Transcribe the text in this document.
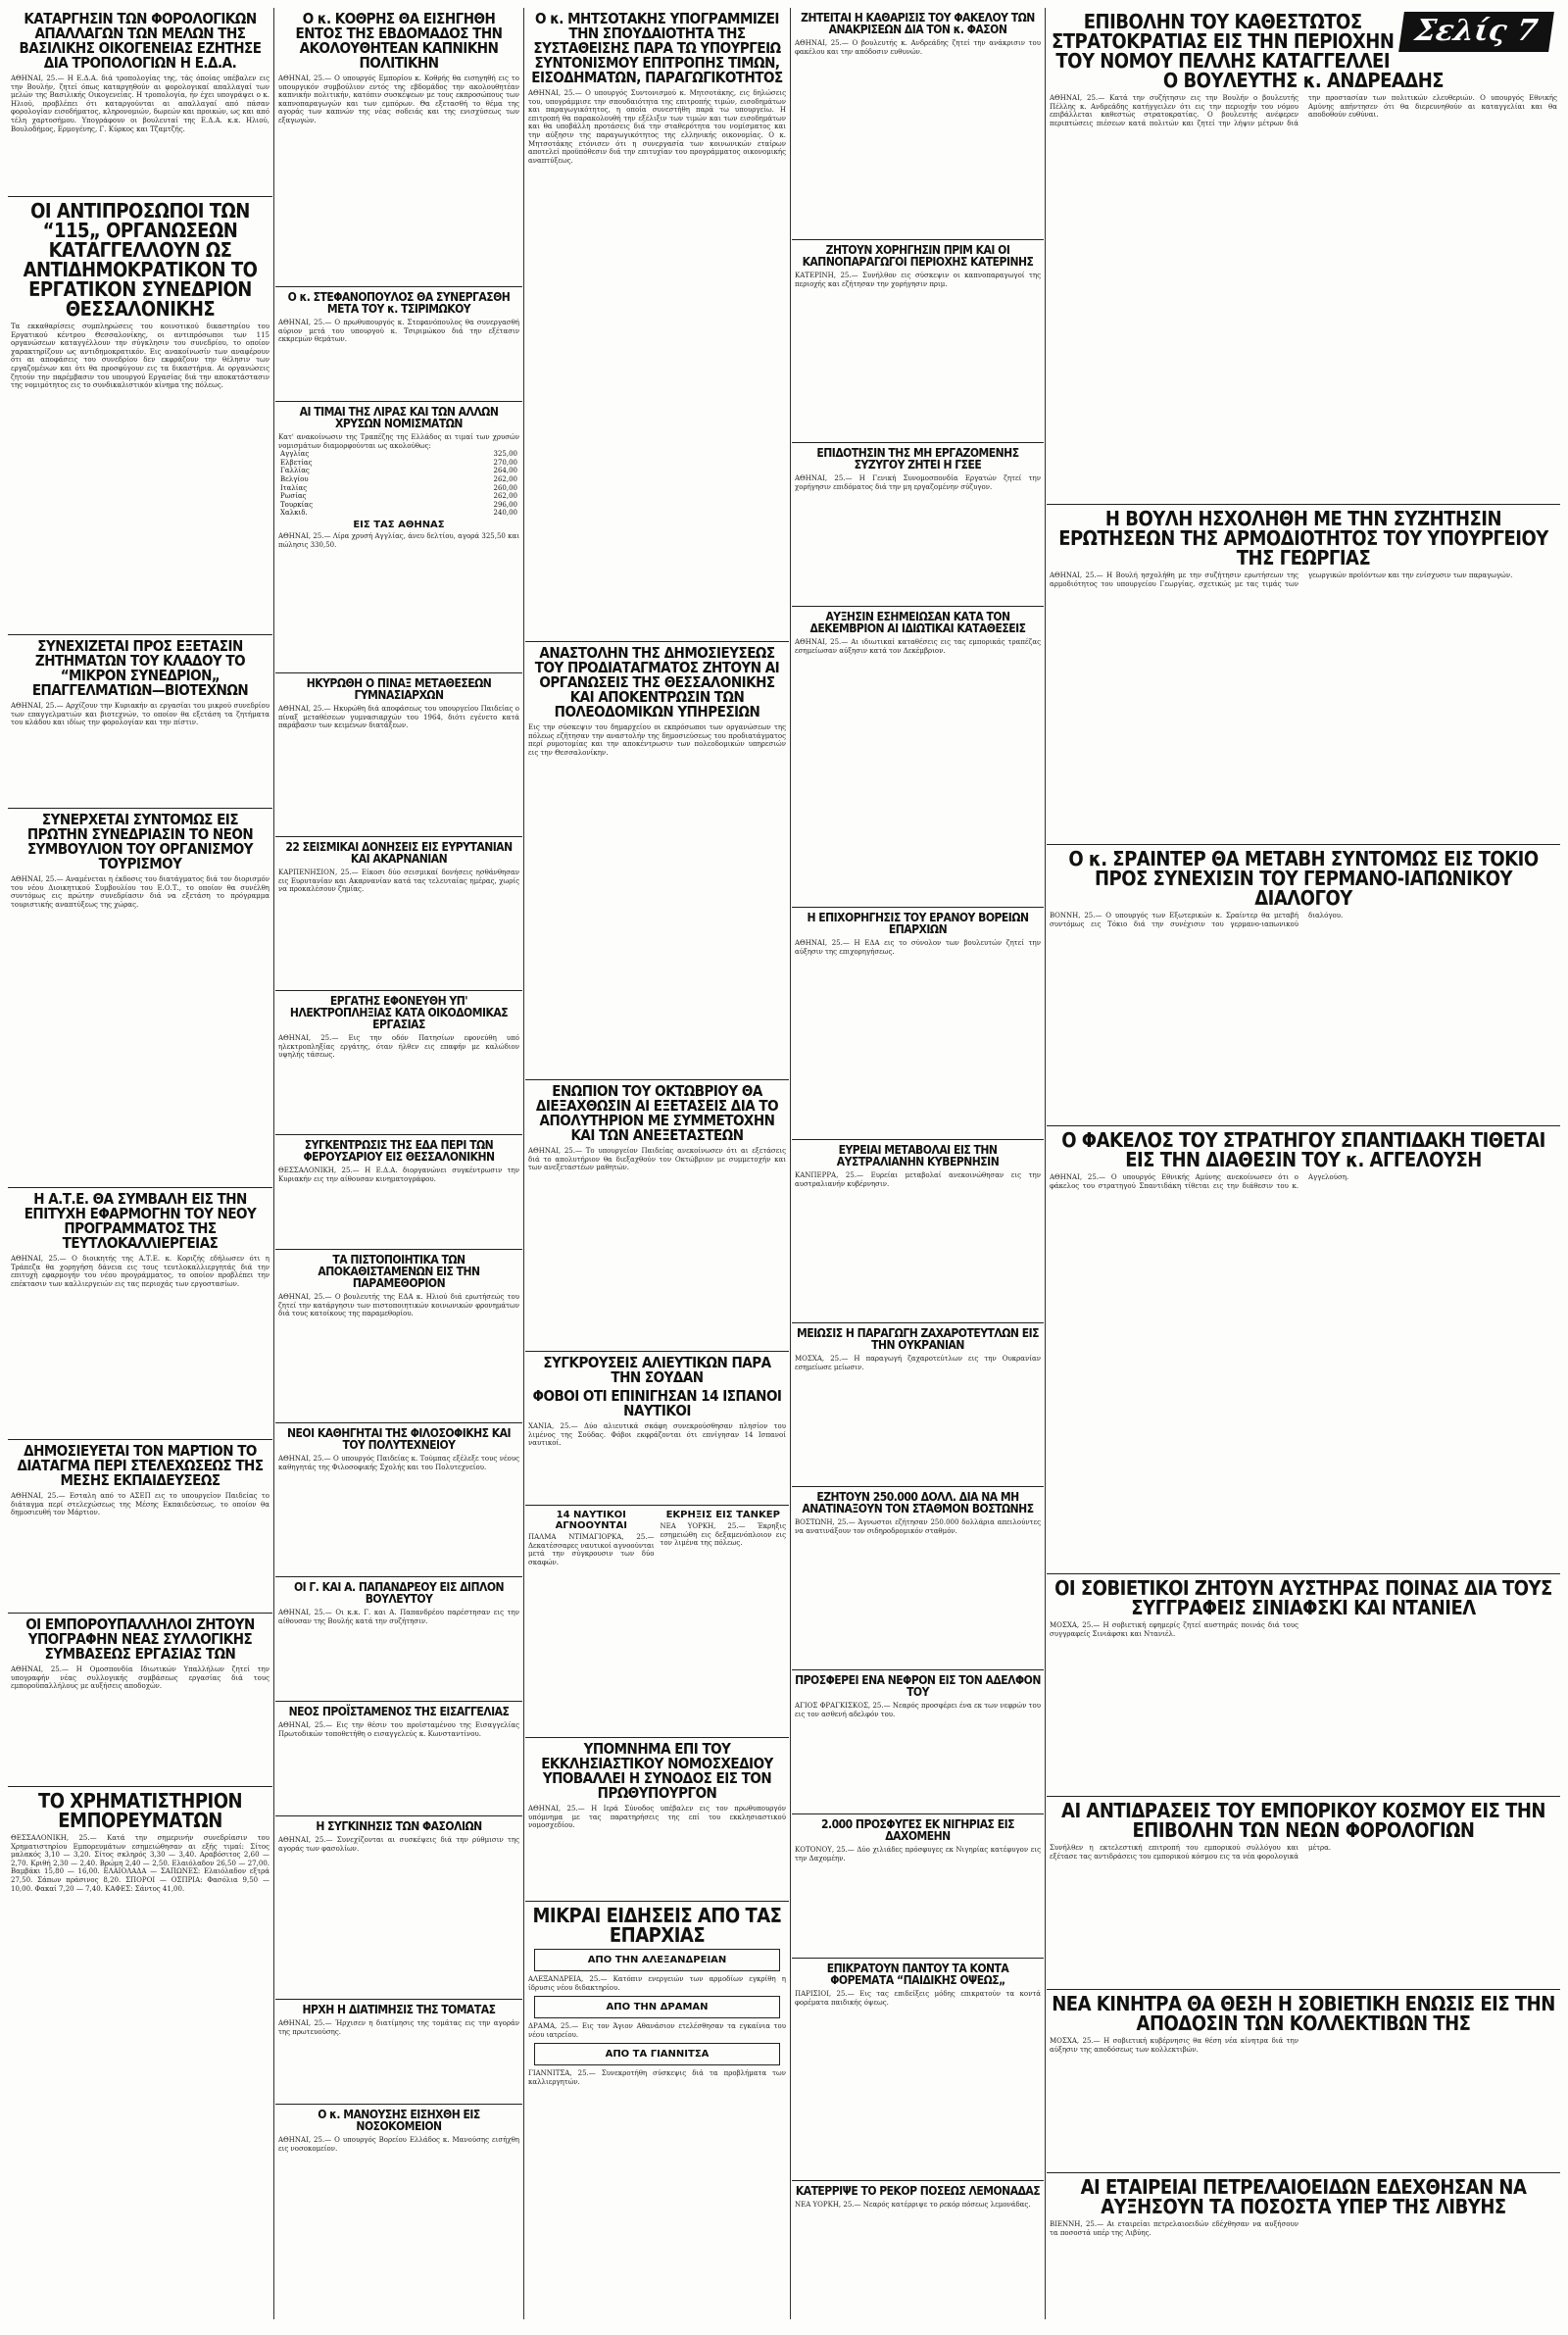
ΚΑΤΑΡΓΗΣΙΝ ΤΩΝ ΦΟΡΟΛΟΓΙΚΩΝ ΑΠΑΛΛΑΓΩΝ ΤΩΝ ΜΕΛΩΝ ΤΗΣ ΒΑΣΙΛΙΚΗΣ ΟΙΚΟΓΕΝΕΙΑΣ ΕΖΗΤΗΣΕ ΔΙΑ ΤΡΟΠΟΛΟΓΙΩΝ Η Ε.Δ.Α.
ΑΘΗΝΑΙ, 25.— Η Ε.Δ.Α. διά τροπολογίας της, τάς όποίας υπέβαλεν εις την Βουλήν, ζητεί όπως καταργηθούν αι φορολογικαί απαλλαγαί των μελών της Βασιλικής Οικογενείας. Η τροπολογία, ήν έχει υπογράψει ο κ. Ηλιού, προβλέπει ότι καταργούνται αι απαλλαγαί από πάσαν φορολογίαν εισοδήματος, κληρονομιών, δωρεών και προικών, ως και από τέλη χαρτοσήμου. Υπογράφουν οι βουλευταί της Ε.Δ.Α. κ.κ. Ηλιού, Βουλοδήμος, Ερμογένης, Γ. Κύρκος και Τζαμτζής.
ΟΙ ΑΝΤΙΠΡΟΣΩΠΟΙ ΤΩΝ “115„ ΟΡΓΑΝΩΣΕΩΝ ΚΑΤΑΓΓΕΛΛΟΥΝ ΩΣ ΑΝΤΙΔΗΜΟΚΡΑΤΙΚΟΝ ΤΟ ΕΡΓΑΤΙΚΟΝ ΣΥΝΕΔΡΙΟΝ ΘΕΣΣΑΛΟΝΙΚΗΣ
Τα εκκαθαρίσεις συμπληρώσεις του κοινοτικού δικαστηρίου του Εργατικού κέντρου Θεσσαλονίκης, οι αντιπρόσωποι των 115 οργανώσεων καταγγέλλουν την σύγκλησιν του συνεδρίου, το οποίον χαρακτηρίζουν ως αντιδημοκρατικόν. Εις ανακοίνωσίν των αναφέρουν ότι αι αποφάσεις του συνεδρίου δεν εκφράζουν την θέλησιν των εργαζομένων και ότι θα προσφύγουν εις τα δικαστήρια. Αι οργανώσεις ζητούν την παρέμβασιν του υπουργού Εργασίας διά την αποκατάστασιν της νομιμότητος εις το συνδικαλιστικόν κίνημα της πόλεως.
ΣΥΝΕΧΙΖΕΤΑΙ ΠΡΟΣ ΕΞΕΤΑΣΙΝ ΖΗΤΗΜΑΤΩΝ ΤΟΥ ΚΛΑΔΟΥ ΤΟ “ΜΙΚΡΟΝ ΣΥΝΕΔΡΙΟΝ„ ΕΠΑΓΓΕΛΜΑΤΙΩΝ—ΒΙΟΤΕΧΝΩΝ
ΑΘΗΝΑΙ, 25.— Αρχίζουν την Κυριακήν αι εργασίαι του μικρού συνεδρίου των επαγγελματιών και βιοτεχνών, το οποίον θα εξετάση τα ζητήματα του κλάδου και ιδίως την φορολογίαν και την πίστιν.
ΣΥΝΕΡΧΕΤΑΙ ΣΥΝΤΟΜΩΣ ΕΙΣ ΠΡΩΤΗΝ ΣΥΝΕΔΡΙΑΣΙΝ ΤΟ ΝΕΟΝ ΣΥΜΒΟΥΛΙΟΝ ΤΟΥ ΟΡΓΑΝΙΣΜΟΥ ΤΟΥΡΙΣΜΟΥ
ΑΘΗΝΑΙ, 25.— Αναμένεται η έκδοσις του διατάγματος διά τον διορισμόν του νέου Διοικητικού Συμβουλίου του Ε.Ο.Τ., το οποίον θα συνέλθη συντόμως εις πρώτην συνεδρίασιν διά να εξετάση το πρόγραμμα τουριστικής αναπτύξεως της χώρας.
Η Α.Τ.Ε. ΘΑ ΣΥΜΒΑΛΗ ΕΙΣ ΤΗΝ ΕΠΙΤΥΧΗ ΕΦΑΡΜΟΓΗΝ ΤΟΥ ΝΕΟΥ ΠΡΟΓΡΑΜΜΑΤΟΣ ΤΗΣ ΤΕΥΤΛΟΚΑΛΛΙΕΡΓΕΙΑΣ
ΑΘΗΝΑΙ, 25.— Ο διοικητής της Α.Τ.Ε. κ. Κοριζής εδήλωσεν ότι η Τράπεζα θα χορηγήση δάνεια εις τους τευτλοκαλλιεργητάς διά την επιτυχή εφαρμογήν του νέου προγράμματος, το οποίον προβλέπει την επέκτασιν των καλλιεργειών εις τας περιοχάς των εργοστασίων.
ΔΗΜΟΣΙΕΥΕΤΑΙ ΤΟΝ ΜΑΡΤΙΟΝ ΤΟ ΔΙΑΤΑΓΜΑ ΠΕΡΙ ΣΤΕΛΕΧΩΣΕΩΣ ΤΗΣ ΜΕΣΗΣ ΕΚΠΑΙΔΕΥΣΕΩΣ
ΑΘΗΝΑΙ, 25.— Εσταλη από το ΑΣΕΠ εις το υπουργείον Παιδείας το διάταγμα περί στελεχώσεως της Μέσης Εκπαιδεύσεως, το οποίον θα δημοσιευθή τον Μάρτιον.
ΟΙ ΕΜΠΟΡΟΥΠΑΛΛΗΛΟΙ ΖΗΤΟΥΝ ΥΠΟΓΡΑΦΗΝ ΝΕΑΣ ΣΥΛΛΟΓΙΚΗΣ ΣΥΜΒΑΣΕΩΣ ΕΡΓΑΣΙΑΣ ΤΩΝ
ΑΘΗΝΑΙ, 25.— Η Ομοσπονδία Ιδιωτικών Υπαλλήλων ζητεί την υπογραφήν νέας συλλογικής συμβάσεως εργασίας διά τους εμποροϋπαλλήλους με αυξήσεις αποδοχών.
ΤΟ ΧΡΗΜΑΤΙΣΤΗΡΙΟΝ ΕΜΠΟΡΕΥΜΑΤΩΝ
ΘΕΣΣΑΛΟΝΙΚΗ, 25.— Κατά την σημερινήν συνεδρίασιν του Χρηματιστηρίου Εμπορευμάτων εσημειώθησαν αι εξής τιμαί: Σίτος μαλακός 3,10 — 3,20. Σίτος σκληρός 3,30 — 3,40. Αραβόσιτος 2,60 — 2,70. Κριθή 2,30 — 2,40. Βρώμη 2,40 — 2,50. Ελαιόλαδον 26,50 — 27,00. Βαμβάκι 15,80 — 16,00. ΕΛΑΙΟΛΑΔΑ — ΣΑΠΩΝΕΣ: Ελαιόλαδον εξτρά 27,50. Σάπων πράσινος 8,20. ΣΠΟΡΟΙ — ΟΣΠΡΙΑ: Φασόλια 9,50 — 10,00. Φακαί 7,20 — 7,40. ΚΑΦΕΣ: Σάντος 41,00.
Ο κ. ΚΟΘΡΗΣ ΘΑ ΕΙΣΗΓΗΘΗ ΕΝΤΟΣ ΤΗΣ ΕΒΔΟΜΑΔΟΣ ΤΗΝ ΑΚΟΛΟΥΘΗΤΕΑΝ ΚΑΠΝΙΚΗΝ ΠΟΛΙΤΙΚΗΝ
ΑΘΗΝΑΙ, 25.— Ο υπουργός Εμπορίου κ. Κοθρής θα εισηγηθή εις το υπουργικόν συμβούλιον εντός της εβδομάδος την ακολουθητέαν καπνικήν πολιτικήν, κατόπιν συσκέψεων με τους εκπροσώπους των καπνοπαραγωγών και των εμπόρων. Θα εξετασθή το θέμα της αγοράς των καπνών της νέας σοδειάς και της ενισχύσεως των εξαγωγών.
Ο κ. ΣΤΕΦΑΝΟΠΟΥΛΟΣ ΘΑ ΣΥΝΕΡΓΑΣΘΗ ΜΕΤΑ ΤΟΥ κ. ΤΣΙΡΙΜΩΚΟΥ
ΑΘΗΝΑΙ, 25.— Ο πρωθυπουργός κ. Στεφανόπουλος θα συνεργασθή αύριον μετά του υπουργού κ. Τσιριμώκου διά την εξέτασιν εκκρεμών θεμάτων.
ΑΙ ΤΙΜΑΙ ΤΗΣ ΛΙΡΑΣ ΚΑΙ ΤΩΝ ΑΛΛΩΝ ΧΡΥΣΩΝ ΝΟΜΙΣΜΑΤΩΝ
Κατ' ανακοίνωσιν της Τραπέζης της Ελλάδος αι τιμαί των χρυσών νομισμάτων διαμορφούνται ως ακολούθως:
Αγγλίας	325,00
Ελβετίας	270,00
Γαλλίας	264,00
Βελγίου	262,00
Ιταλίας	260,00
Ρωσίας	262,00
Τουρκίας	296,00
Χαλκιδ.	240,00
ΕΙΣ ΤΑΣ ΑΘΗΝΑΣ
ΑΘΗΝΑΙ, 25.— Λίρα χρυσή Αγγλίας, άνευ δελτίου, αγορά 325,50 και πώλησις 330,50.
ΗΚΥΡΩΘΗ Ο ΠΙΝΑΞ ΜΕΤΑΘΕΣΕΩΝ ΓΥΜΝΑΣΙΑΡΧΩΝ
ΑΘΗΝΑΙ, 25.— Ηκυρώθη διά αποφάσεως του υπουργείου Παιδείας ο πίναξ μεταθέσεων γυμνασιαρχών του 1964, διότι εγένετο κατά παράβασιν των κειμένων διατάξεων.
22 ΣΕΙΣΜΙΚΑΙ ΔΟΝΗΣΕΙΣ ΕΙΣ ΕΥΡΥΤΑΝΙΑΝ ΚΑΙ ΑΚΑΡΝΑΝΙΑΝ
ΚΑΡΠΕΝΗΣΙΟΝ, 25.— Είκοσι δύο σεισμικαί δονήσεις ησθάνθησαν εις Ευρυτανίαν και Ακαρνανίαν κατά τας τελευταίας ημέρας, χωρίς να προκαλέσουν ζημίας.
ΕΡΓΑΤΗΣ ΕΦΟΝΕΥΘΗ ΥΠ' ΗΛΕΚΤΡΟΠΛΗΞΙΑΣ ΚΑΤΑ ΟΙΚΟΔΟΜΙΚΑΣ ΕΡΓΑΣΙΑΣ
ΑΘΗΝΑΙ, 25.— Εις την οδόν Πατησίων εφονεύθη υπό ηλεκτροπληξίας εργάτης, όταν ήλθεν εις επαφήν με καλώδιον υψηλής τάσεως.
ΣΥΓΚΕΝΤΡΩΣΙΣ ΤΗΣ ΕΔΑ ΠΕΡΙ ΤΩΝ ΦΕΡΟΥΣΑΡΙΟΥ ΕΙΣ ΘΕΣΣΑΛΟΝΙΚΗΝ
ΘΕΣΣΑΛΟΝΙΚΗ, 25.— Η Ε.Δ.Α. διοργανώνει συγκέντρωσιν την Κυριακήν εις την αίθουσαν κινηματογράφου.
ΤΑ ΠΙΣΤΟΠΟΙΗΤΙΚΑ ΤΩΝ ΑΠΟΚΑΘΙΣΤΑΜΕΝΩΝ ΕΙΣ ΤΗΝ ΠΑΡΑΜΕΘΟΡΙΟΝ
ΑΘΗΝΑΙ, 25.— Ο βουλευτής της ΕΔΑ κ. Ηλιού διά ερωτήσεώς του ζητεί την κατάργησιν των πιστοποιητικών κοινωνικών φρονημάτων διά τους κατοίκους της παραμεθορίου.
ΝΕΟΙ ΚΑΘΗΓΗΤΑΙ ΤΗΣ ΦΙΛΟΣΟΦΙΚΗΣ ΚΑΙ ΤΟΥ ΠΟΛΥΤΕΧΝΕΙΟΥ
ΑΘΗΝΑΙ, 25.— Ο υπουργός Παιδείας κ. Τούμπας εξέλεξε τους νέους καθηγητάς της Φιλοσοφικής Σχολής και του Πολυτεχνείου.
ΟΙ Γ. ΚΑΙ Α. ΠΑΠΑΝΔΡΕΟΥ ΕΙΣ ΔΙΠΛΟΝ ΒΟΥΛΕΥΤΟΥ
ΑΘΗΝΑΙ, 25.— Οι κ.κ. Γ. και Α. Παπανδρέου παρέστησαν εις την αίθουσαν της Βουλής κατά την συζήτησιν.
ΝΕΟΣ ΠΡΟΪΣΤΑΜΕΝΟΣ ΤΗΣ ΕΙΣΑΓΓΕΛΙΑΣ
ΑΘΗΝΑΙ, 25.— Εις την θέσιν του προϊσταμένου της Εισαγγελίας Πρωτοδικών τοποθετήθη ο εισαγγελεύς κ. Κωνσταντίνου.
Η ΣΥΓΚΙΝΗΣΙΣ ΤΩΝ ΦΑΣΟΛΙΩΝ
ΑΘΗΝΑΙ, 25.— Συνεχίζονται αι συσκέψεις διά την ρύθμισιν της αγοράς των φασολίων.
ΗΡΧΗ Η ΔΙΑΤΙΜΗΣΙΣ ΤΗΣ ΤΟΜΑΤΑΣ
ΑΘΗΝΑΙ, 25.— Ήρχισεν η διατίμησις της τομάτας εις την αγοράν της πρωτευούσης.
Ο κ. ΜΑΝΟΥΣΗΣ ΕΙΣΗΧΘΗ ΕΙΣ ΝΟΣΟΚΟΜΕΙΟΝ
ΑΘΗΝΑΙ, 25.— Ο υπουργός Βορείου Ελλάδος κ. Μανούσης εισήχθη εις νοσοκομείον.
Ο κ. ΜΗΤΣΟΤΑΚΗΣ ΥΠΟΓΡΑΜΜΙΖΕΙ ΤΗΝ ΣΠΟΥΔΑΙΟΤΗΤΑ ΤΗΣ ΣΥΣΤΑΘΕΙΣΗΣ ΠΑΡΑ ΤΩ ΥΠΟΥΡΓΕΙΩ ΣΥΝΤΟΝΙΣΜΟΥ ΕΠΙΤΡΟΠΗΣ ΤΙΜΩΝ, ΕΙΣΟΔΗΜΑΤΩΝ, ΠΑΡΑΓΩΓΙΚΟΤΗΤΟΣ
ΑΘΗΝΑΙ, 25.— Ο υπουργός Συντονισμού κ. Μητσοτάκης, εις δηλώσεις του, υπογράμμισε την σπουδαιότητα της επιτροπής τιμών, εισοδημάτων και παραγωγικότητος, η οποία συνεστήθη παρά τω υπουργείω. Η επιτροπή θα παρακολουθή την εξέλιξιν των τιμών και των εισοδημάτων και θα υποβάλλη προτάσεις διά την σταθερότητα του νομίσματος και την αύξησιν της παραγωγικότητος της ελληνικής οικονομίας. Ο κ. Μητσοτάκης ετόνισεν ότι η συνεργασία των κοινωνικών εταίρων αποτελεί προϋπόθεσιν διά την επιτυχίαν του προγράμματος οικονομικής αναπτύξεως.
ΑΝΑΣΤΟΛΗΝ ΤΗΣ ΔΗΜΟΣΙΕΥΣΕΩΣ ΤΟΥ ΠΡΟΔΙΑΤΑΓΜΑΤΟΣ ΖΗΤΟΥΝ ΑΙ ΟΡΓΑΝΩΣΕΙΣ ΤΗΣ ΘΕΣΣΑΛΟΝΙΚΗΣ ΚΑΙ ΑΠΟΚΕΝΤΡΩΣΙΝ ΤΩΝ ΠΟΛΕΟΔΟΜΙΚΩΝ ΥΠΗΡΕΣΙΩΝ
Εις την σύσκεψιν του δημαρχείου οι εκπρόσωποι των οργανώσεων της πόλεως εζήτησαν την αναστολήν της δημοσιεύσεως του προδιατάγματος περί ρυμοτομίας και την αποκέντρωσιν των πολεοδομικών υπηρεσιών εις την Θεσσαλονίκην.
ΕΝΩΠΙΟΝ ΤΟΥ ΟΚΤΩΒΡΙΟΥ ΘΑ ΔΙΕΞΑΧΘΩΣΙΝ ΑΙ ΕΞΕΤΑΣΕΙΣ ΔΙΑ ΤΟ ΑΠΟΛΥΤΗΡΙΟΝ ΜΕ ΣΥΜΜΕΤΟΧΗΝ ΚΑΙ ΤΩΝ ΑΝΕΞΕΤΑΣΤΕΩΝ
ΑΘΗΝΑΙ, 25.— Το υπουργείον Παιδείας ανεκοίνωσεν ότι αι εξετάσεις διά το απολυτήριον θα διεξαχθούν τον Οκτώβριον με συμμετοχήν και των ανεξεταστέων μαθητών.
ΣΥΓΚΡΟΥΣΕΙΣ ΑΛΙΕΥΤΙΚΩΝ ΠΑΡΑ ΤΗΝ ΣΟΥΔΑΝ
ΦΟΒΟΙ ΟΤΙ ΕΠΙΝΙΓΗΣΑΝ 14 ΙΣΠΑΝΟΙ ΝΑΥΤΙΚΟΙ
ΧΑΝΙΑ, 25.— Δύο αλιευτικά σκάφη συνεκρούσθησαν πλησίον του λιμένος της Σούδας. Φόβοι εκφράζονται ότι επνίγησαν 14 Ισπανοί ναυτικοί.
14 ΝΑΥΤΙΚΟΙ ΑΓΝΟΟΥΝΤΑΙ
ΠΑΛΜΑ ΝΤΙΜΑΓΙΟΡΚΑ, 25.— Δεκατέσσαρες ναυτικοί αγνοούνται μετά την σύγκρουσιν των δύο σκαφών.
ΕΚΡΗΞΙΣ ΕΙΣ ΤΑΝΚΕΡ
ΝΕΑ ΥΟΡΚΗ, 25.— Έκρηξις εσημειώθη εις δεξαμενόπλοιον εις τον λιμένα της πόλεως.
ΥΠΟΜΝΗΜΑ ΕΠΙ ΤΟΥ ΕΚΚΛΗΣΙΑΣΤΙΚΟΥ ΝΟΜΟΣΧΕΔΙΟΥ ΥΠΟΒΑΛΛΕΙ Η ΣΥΝΟΔΟΣ ΕΙΣ ΤΟΝ ΠΡΩΘΥΠΟΥΡΓΟΝ
ΑΘΗΝΑΙ, 25.— Η Ιερά Σύνοδος υπέβαλεν εις τον πρωθυπουργόν υπόμνημα με τας παρατηρήσεις της επί του εκκλησιαστικού νομοσχεδίου.
ΜΙΚΡΑΙ ΕΙΔΗΣΕΙΣ ΑΠΟ ΤΑΣ ΕΠΑΡΧΙΑΣ
ΑΠΟ ΤΗΝ ΑΛΕΞΑΝΔΡΕΙΑΝ
ΑΛΕΞΑΝΔΡΕΙΑ, 25.— Κατόπιν ενεργειών των αρμοδίων εγκρίθη η ίδρυσις νέου διδακτηρίου.
ΑΠΟ ΤΗΝ ΔΡΑΜΑΝ
ΔΡΑΜΑ, 25.— Εις τον Άγιον Αθανάσιον ετελέσθησαν τα εγκαίνια του νέου ιατρείου.
ΑΠΟ ΤΑ ΓΙΑΝΝΙΤΣΑ
ΓΙΑΝΝΙΤΣΑ, 25.— Συνεκροτήθη σύσκεψις διά τα προβλήματα των καλλιεργητών.
ΖΗΤΕΙΤΑΙ Η ΚΑΘΑΡΙΣΙΣ ΤΟΥ ΦΑΚΕΛΟΥ ΤΩΝ ΑΝΑΚΡΙΣΕΩΝ ΔΙΑ ΤΟΝ κ. ΦΑΣΟΝ
ΑΘΗΝΑΙ, 25.— Ο βουλευτής κ. Ανδρεάδης ζητεί την ανάκρισιν του φακέλου και την απόδοσιν ευθυνών.
ΖΗΤΟΥΝ ΧΟΡΗΓΗΣΙΝ ΠΡΙΜ ΚΑΙ ΟΙ ΚΑΠΝΟΠΑΡΑΓΩΓΟΙ ΠΕΡΙΟΧΗΣ ΚΑΤΕΡΙΝΗΣ
ΚΑΤΕΡΙΝΗ, 25.— Συνήλθον εις σύσκεψιν οι καπνοπαραγωγοί της περιοχής και εζήτησαν την χορήγησιν πριμ.
ΕΠΙΔΟΤΗΣΙΝ ΤΗΣ ΜΗ ΕΡΓΑΖΟΜΕΝΗΣ ΣΥΖΥΓΟΥ ΖΗΤΕΙ Η ΓΣΕΕ
ΑΘΗΝΑΙ, 25.— Η Γενική Συνομοσπονδία Εργατών ζητεί την χορήγησιν επιδόματος διά την μη εργαζομένην σύζυγον.
ΑΥΞΗΣΙΝ ΕΣΗΜΕΙΩΣΑΝ ΚΑΤΑ ΤΟΝ ΔΕΚΕΜΒΡΙΟΝ ΑΙ ΙΔΙΩΤΙΚΑΙ ΚΑΤΑΘΕΣΕΙΣ
ΑΘΗΝΑΙ, 25.— Αι ιδιωτικαί καταθέσεις εις τας εμπορικάς τραπέζας εσημείωσαν αύξησιν κατά τον Δεκέμβριον.
Η ΕΠΙΧΟΡΗΓΗΣΙΣ ΤΟΥ ΕΡΑΝΟΥ ΒΟΡΕΙΩΝ ΕΠΑΡΧΙΩΝ
ΑΘΗΝΑΙ, 25.— Η ΕΔΑ εις το σύνολον των βουλευτών ζητεί την αύξησιν της επιχορηγήσεως.
ΕΥΡΕΙΑΙ ΜΕΤΑΒΟΛΑΙ ΕΙΣ ΤΗΝ ΑΥΣΤΡΑΛΙΑΝΗΝ ΚΥΒΕΡΝΗΣΙΝ
ΚΑΝΠΕΡΡΑ, 25.— Ευρείαι μεταβολαί ανεκοινώθησαν εις την αυστραλιανήν κυβέρνησιν.
ΜΕΙΩΣΙΣ Η ΠΑΡΑΓΩΓΗ ΖΑΧΑΡΟΤΕΥΤΛΩΝ ΕΙΣ ΤΗΝ ΟΥΚΡΑΝΙΑΝ
ΜΟΣΧΑ, 25.— Η παραγωγή ζαχαροτεύτλων εις την Ουκρανίαν εσημείωσε μείωσιν.
ΕΖΗΤΟΥΝ 250.000 ΔΟΛΛ. ΔΙΑ ΝΑ ΜΗ ΑΝΑΤΙΝΑΞΟΥΝ ΤΟΝ ΣΤΑΘΜΟΝ ΒΟΣΤΩΝΗΣ
ΒΟΣΤΩΝΗ, 25.— Άγνωστοι εζήτησαν 250.000 δολλάρια απειλούντες να ανατινάξουν τον σιδηροδρομικόν σταθμόν.
ΠΡΟΣΦΕΡΕΙ ΕΝΑ ΝΕΦΡΟΝ ΕΙΣ ΤΟΝ ΑΔΕΛΦΟΝ ΤΟΥ
ΑΓΙΟΣ ΦΡΑΓΚΙΣΚΟΣ, 25.— Νεαρός προσφέρει ένα εκ των νεφρών του εις τον ασθενή αδελφόν του.
2.000 ΠΡΟΣΦΥΓΕΣ ΕΚ ΝΙΓΗΡΙΑΣ ΕΙΣ ΔΑΧΟΜΕΗΝ
ΚΟΤΟΝΟΥ, 25.— Δύο χιλιάδες πρόσφυγες εκ Νιγηρίας κατέφυγον εις την Δαχομέην.
ΕΠΙΚΡΑΤΟΥΝ ΠΑΝΤΟΥ ΤΑ ΚΟΝΤΑ ΦΟΡΕΜΑΤΑ “ΠΑΙΔΙΚΗΣ ΟΨΕΩΣ„
ΠΑΡΙΣΙΟΙ, 25.— Εις τας επιδείξεις μόδης επικρατούν τα κοντά φορέματα παιδικής όψεως.
ΚΑΤΕΡΡΙΨΕ ΤΟ ΡΕΚΟΡ ΠΟΣΕΩΣ ΛΕΜΟΝΑΔΑΣ
ΝΕΑ ΥΟΡΚΗ, 25.— Νεαρός κατέρριψε το ρεκόρ πόσεως λεμονάδας.
Σελίς 7
ΕΠΙΒΟΛΗΝ ΤΟΥ ΚΑΘΕΣΤΩΤΟΣ ΣΤΡΑΤΟΚΡΑΤΙΑΣ ΕΙΣ ΤΗΝ ΠΕΡΙΟΧΗΝ ΤΟΥ ΝΟΜΟΥ ΠΕΛΛΗΣ ΚΑΤΑΓΓΕΛΛΕΙ Ο ΒΟΥΛΕΥΤΗΣ κ. ΑΝΔΡΕΑΔΗΣ
ΑΘΗΝΑΙ, 25.— Κατά την συζήτησιν εις την Βουλήν ο βουλευτής Πέλλης κ. Ανδρεάδης κατήγγειλεν ότι εις την περιοχήν του νόμου επιβάλλεται καθεστώς στρατοκρατίας. Ο βουλευτής ανέφερεν περιπτώσεις πιέσεων κατά πολιτών και ζητεί την λήψιν μέτρων διά την προστασίαν των πολιτικών ελευθεριών. Ο υπουργός Εθνικής Αμύνης απήντησεν ότι θα διερευνηθούν αι καταγγελίαι και θα αποδοθούν ευθύναι.
Η ΒΟΥΛΗ ΗΣΧΟΛΗΘΗ ΜΕ ΤΗΝ ΣΥΖΗΤΗΣΙΝ ΕΡΩΤΗΣΕΩΝ ΤΗΣ ΑΡΜΟΔΙΟΤΗΤΟΣ ΤΟΥ ΥΠΟΥΡΓΕΙΟΥ ΤΗΣ ΓΕΩΡΓΙΑΣ
ΑΘΗΝΑΙ, 25.— Η Βουλή ησχολήθη με την συζήτησιν ερωτήσεων της αρμοδιότητος του υπουργείου Γεωργίας, σχετικώς με τας τιμάς των γεωργικών προϊόντων και την ενίσχυσιν των παραγωγών.
Ο κ. ΣΡΑΙΝΤΕΡ ΘΑ ΜΕΤΑΒΗ ΣΥΝΤΟΜΩΣ ΕΙΣ ΤΟΚΙΟ ΠΡΟΣ ΣΥΝΕΧΙΣΙΝ ΤΟΥ ΓΕΡΜΑΝΟ-ΙΑΠΩΝΙΚΟΥ ΔΙΑΛΟΓΟΥ
ΒΟΝΝΗ, 25.— Ο υπουργός των Εξωτερικών κ. Σραίντερ θα μεταβή συντόμως εις Τόκιο διά την συνέχισιν του γερμανο-ιαπωνικού διαλόγου.
Ο ΦΑΚΕΛΟΣ ΤΟΥ ΣΤΡΑΤΗΓΟΥ ΣΠΑΝΤΙΔΑΚΗ ΤΙΘΕΤΑΙ ΕΙΣ ΤΗΝ ΔΙΑΘΕΣΙΝ ΤΟΥ κ. ΑΓΓΕΛΟΥΣΗ
ΑΘΗΝΑΙ, 25.— Ο υπουργός Εθνικής Αμύνης ανεκοίνωσεν ότι ο φάκελος του στρατηγού Σπαντιδάκη τίθεται εις την διάθεσιν του κ. Αγγελούση.
ΟΙ ΣΟΒΙΕΤΙΚΟΙ ΖΗΤΟΥΝ ΑΥΣΤΗΡΑΣ ΠΟΙΝΑΣ ΔΙΑ ΤΟΥΣ ΣΥΓΓΡΑΦΕΙΣ ΣΙΝΙΑΦΣΚΙ ΚΑΙ ΝΤΑΝΙΕΛ
ΜΟΣΧΑ, 25.— Η σοβιετική εφημερίς ζητεί αυστηράς ποινάς διά τους συγγραφείς Σινιάφσκι και Ντανιέλ.
ΑΙ ΑΝΤΙΔΡΑΣΕΙΣ ΤΟΥ ΕΜΠΟΡΙΚΟΥ ΚΟΣΜΟΥ ΕΙΣ ΤΗΝ ΕΠΙΒΟΛΗΝ ΤΩΝ ΝΕΩΝ ΦΟΡΟΛΟΓΙΩΝ
Συνήλθεν η εκτελεστική επιτροπή του εμπορικού συλλόγου και εξέτασε τας αντιδράσεις του εμπορικού κόσμου εις τα νέα φορολογικά μέτρα.
ΝΕΑ ΚΙΝΗΤΡΑ ΘΑ ΘΕΣΗ Η ΣΟΒΙΕΤΙΚΗ ΕΝΩΣΙΣ ΕΙΣ ΤΗΝ ΑΠΟΔΟΣΙΝ ΤΩΝ ΚΟΛΛΕΚΤΙΒΩΝ ΤΗΣ
ΜΟΣΧΑ, 25.— Η σοβιετική κυβέρνησις θα θέση νέα κίνητρα διά την αύξησιν της αποδόσεως των κολλεκτιβών.
ΑΙ ΕΤΑΙΡΕΙΑΙ ΠΕΤΡΕΛΑΙΟΕΙΔΩΝ ΕΔΕΧΘΗΣΑΝ ΝΑ ΑΥΞΗΣΟΥΝ ΤΑ ΠΟΣΟΣΤΑ ΥΠΕΡ ΤΗΣ ΛΙΒΥΗΣ
ΒΙΕΝΝΗ, 25.— Αι εταιρείαι πετρελαιοειδών εδέχθησαν να αυξήσουν τα ποσοστά υπέρ της Λιβύης.
